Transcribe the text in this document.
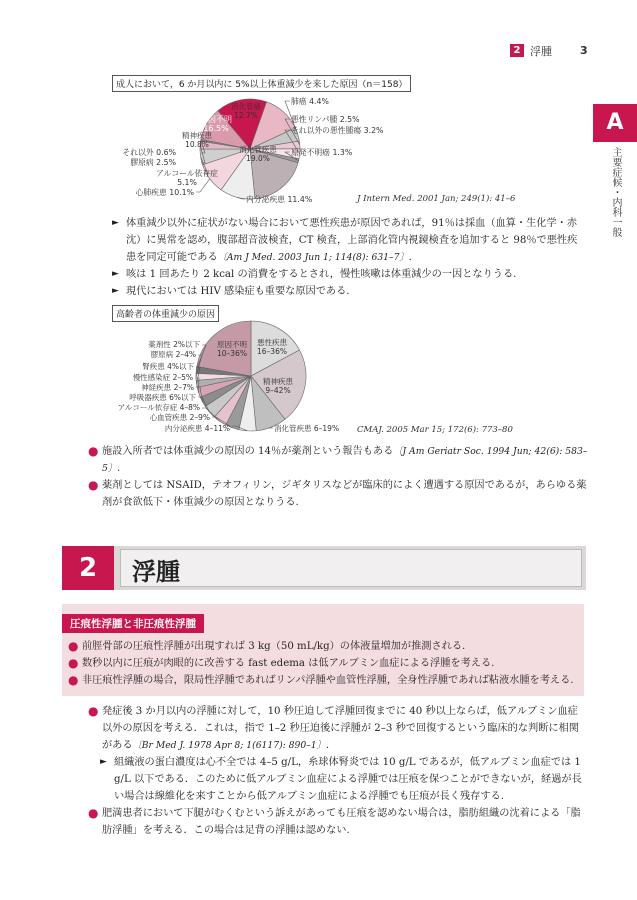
2 浮腫	3
A
主要症候・内科一般
成人において，6 か月以内に 5%以上体重減少を来した原因（n＝158）
原因不明
16.5%
消化管癌
12.7%
肺癌 4.4%
悪性リンパ腫 2.5%
それ以外の悪性腫瘍 3.2%
原発不明癌 1.3%
消化管疾患
19.0%
内分泌疾患 11.4%
心肺疾患 10.1%
アルコール依存症
5.1%
膠原病 2.5%
それ以外 0.6%
精神疾患
10.8%
J Intern Med. 2001 Jan; 249(1): 41–6
► 体重減少以外に症状がない場合において悪性疾患が原因であれば，91％は採血（血算・生化学・赤沈）に異常を認め，腹部超音波検査，CT 検査，上部消化管内視鏡検査を追加すると 98％で悪性疾患を同定可能である〔Am J Med. 2003 Jun 1; 114(8): 631–7〕.
► 咳は 1 回あたり 2 kcal の消費をするとされ，慢性咳嗽は体重減少の一因となりうる.
► 現代においては HIV 感染症も重要な原因である.
高齢者の体重減少の原因
悪性疾患
16–36%
精神疾患
9–42%
消化管疾患 6–19%
内分泌疾患 4–11%
心血管疾患 2–9%
アルコール依存症 4–8%
呼吸器疾患 6%以下
神経疾患 2–7%
慢性感染症 2–5%
腎疾患 4%以下
膠原病 2–4%
薬剤性 2%以下 原因不明
10–36%
CMAJ. 2005 Mar 15; 172(6): 773–80
● 施設入所者では体重減少の原因の 14％が薬剤という報告もある〔J Am Geriatr Soc. 1994 Jun; 42(6): 583–5〕.
● 薬剤としては NSAID，テオフィリン，ジギタリスなどが臨床的によく遭遇する原因であるが，あらゆる薬剤が食欲低下・体重減少の原因となりうる.
2	浮腫
圧痕性浮腫と非圧痕性浮腫
● 前脛骨部の圧痕性浮腫が出現すれば 3 kg（50 mL/kg）の体液量増加が推測される.
● 数秒以内に圧痕が肉眼的に改善する fast edema は低アルブミン血症による浮腫を考える.
● 非圧痕性浮腫の場合，限局性浮腫であればリンパ浮腫や血管性浮腫，全身性浮腫であれば粘液水腫を考える.
● 発症後 3 か月以内の浮腫に対して，10 秒圧迫して浮腫回復までに 40 秒以上ならば，低アルブミン血症以外の原因を考える．これは，指で 1–2 秒圧迫後に浮腫が 2–3 秒で回復するという臨床的な判断に相関がある〔Br Med J. 1978 Apr 8; 1(6117): 890–1〕.
► 組織液の蛋白濃度は心不全では 4–5 g/L，糸球体腎炎では 10 g/L であるが，低アルブミン血症では 1 g/L 以下である．このために低アルブミン血症による浮腫では圧痕を保つことができないが，経過が長い場合は線維化を来すことから低アルブミン血症による浮腫でも圧痕が長く残存する.
● 肥満患者において下腿がむくむという訴えがあっても圧痕を認めない場合は，脂肪組織の沈着による「脂肪浮腫」を考える．この場合は足背の浮腫は認めない.
